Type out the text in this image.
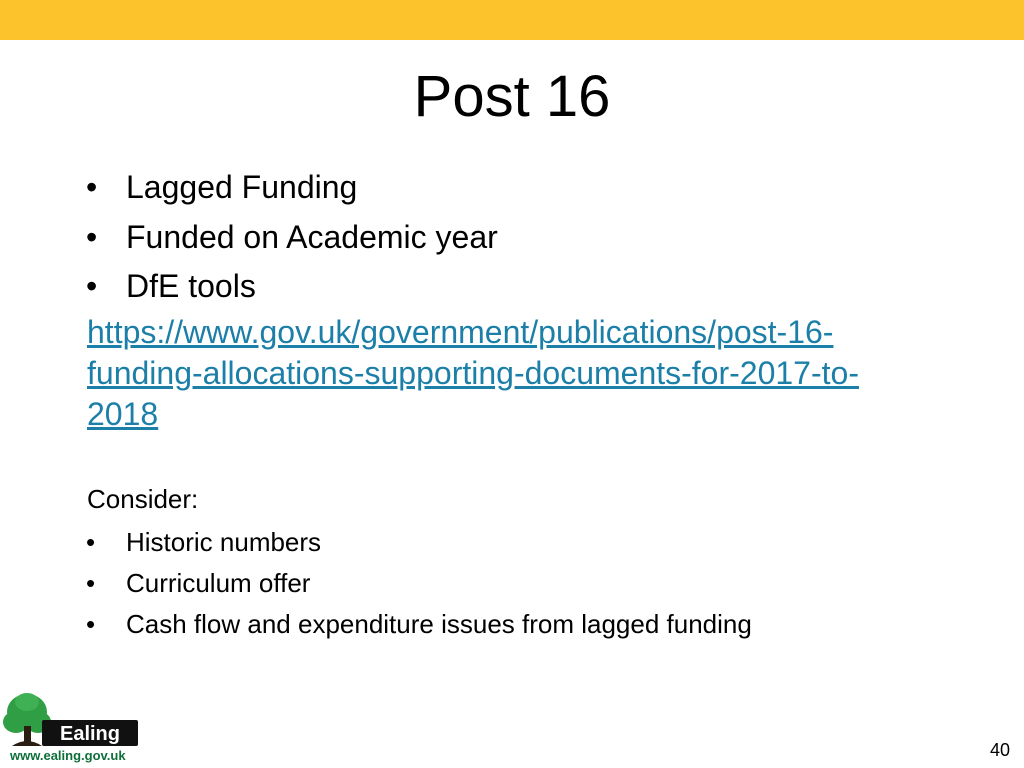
Post 16
• Lagged Funding
• Funded on Academic year
• DfE tools
https://www.gov.uk/government/publications/post-16-
funding-allocations-supporting-documents-for-2017-to-
2018

Consider:

• Historic numbers
• Curriculum offer
• Cash flow and expenditure issues from lagged funding
Ealing
www.ealing.gov.uk	40
